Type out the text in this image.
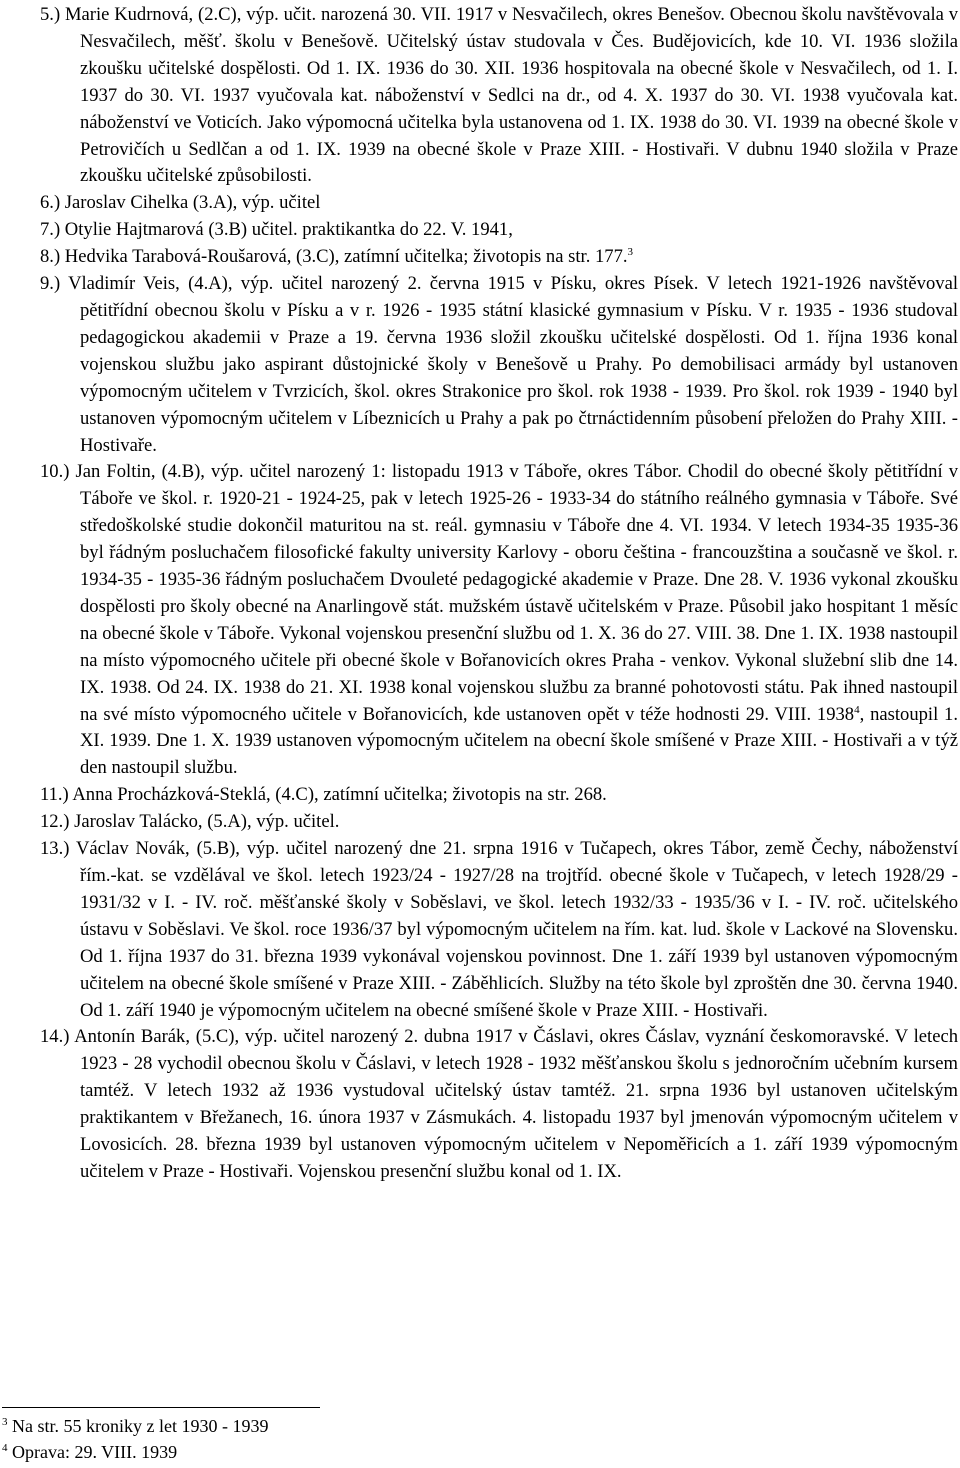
5.) Marie Kudrnová, (2.C), výp. učit. narozená 30. VII. 1917 v Nesvačilech, okres Benešov. Obecnou školu navštěvovala v Nesvačilech, měšť. školu v Benešově. Učitelský ústav studovala v Čes. Budějovicích, kde 10. VI. 1936 složila zkoušku učitelské dospělosti. Od 1. IX. 1936 do 30. XII. 1936 hospitovala na obecné škole v Nesvačilech, od 1. I. 1937 do 30. VI. 1937 vyučovala kat. náboženství v Sedlci na dr., od 4. X. 1937 do 30. VI. 1938 vyučovala kat. náboženství ve Voticích. Jako výpomocná učitelka byla ustanovena od 1. IX. 1938 do 30. VI. 1939 na obecné škole v Petrovičích u Sedlčan a od 1. IX. 1939 na obecné škole v Praze XIII. - Hostivaři. V dubnu 1940 složila v Praze zkoušku učitelské způsobilosti.
6.) Jaroslav Cihelka (3.A), výp. učitel
7.) Otylie Hajtmarová (3.B) učitel. praktikantka do 22. V. 1941,
8.) Hedvika Tarabová-Roušarová, (3.C), zatímní učitelka; životopis na str. 177.$^3$
9.) Vladimír Veis, (4.A), výp. učitel narozený 2. června 1915 v Písku, okres Písek. V letech 1921-1926 navštěvoval pětitřídní obecnou školu v Písku a v r. 1926 - 1935 státní klasické gymnasium v Písku. V r. 1935 - 1936 studoval pedagogickou akademii v Praze a 19. června 1936 složil zkoušku učitelské dospělosti. Od 1. října 1936 konal vojenskou službu jako aspirant důstojnické školy v Benešově u Prahy. Po demobilisaci armády byl ustanoven výpomocným učitelem v Tvrzicích, škol. okres Strakonice pro škol. rok 1938 - 1939. Pro škol. rok 1939 - 1940 byl ustanoven výpomocným učitelem v Líbeznicích u Prahy a pak po čtrnáctidenním působení přeložen do Prahy XIII. - Hostivaře.
10.) Jan Foltin, (4.B), výp. učitel narozený 1: listopadu 1913 v Táboře, okres Tábor. Chodil do obecné školy pětitřídní v Táboře ve škol. r. 1920-21 - 1924-25, pak v letech 1925-26 - 1933-34 do státního reálného gymnasia v Táboře. Své středoškolské studie dokončil maturitou na st. reál. gymnasiu v Táboře dne 4. VI. 1934. V letech 1934-35 1935-36 byl řádným posluchačem filosofické fakulty university Karlovy - oboru čeština - francouzština a současně ve škol. r. 1934-35 - 1935-36 řádným posluchačem Dvouleté pedagogické akademie v Praze. Dne 28. V. 1936 vykonal zkoušku dospělosti pro školy obecné na Anarlingově stát. mužském ústavě učitelském v Praze. Působil jako hospitant 1 měsíc na obecné škole v Táboře. Vykonal vojenskou presenční službu od 1. X. 36 do 27. VIII. 38. Dne 1. IX. 1938 nastoupil na místo výpomocného učitele při obecné škole v Bořanovicích okres Praha - venkov. Vykonal služební slib dne 14. IX. 1938. Od 24. IX. 1938 do 21. XI. 1938 konal vojenskou službu za branné pohotovosti státu. Pak ihned nastoupil na své místo výpomocného učitele v Bořanovicích, kde ustanoven opět v téže hodnosti 29. VIII. 1938$^4$, nastoupil 1. XI. 1939. Dne 1. X. 1939 ustanoven výpomocným učitelem na obecní škole smíšené v Praze XIII. - Hostivaři a v týž den nastoupil službu.
11.) Anna Procházková-Steklá, (4.C), zatímní učitelka; životopis na str. 268.
12.) Jaroslav Talácko, (5.A), výp. učitel.
13.) Václav Novák, (5.B), výp. učitel narozený dne 21. srpna 1916 v Tučapech, okres Tábor, země Čechy, náboženství řím.-kat. se vzdělával ve škol. letech 1923/24 - 1927/28 na trojtříd. obecné škole v Tučapech, v letech 1928/29 - 1931/32 v I. - IV. roč. měšťanské školy v Soběslavi, ve škol. letech 1932/33 - 1935/36 v I. - IV. roč. učitelského ústavu v Soběslavi. Ve škol. roce 1936/37 byl výpomocným učitelem na řím. kat. lud. škole v Lackové na Slovensku. Od 1. října 1937 do 31. března 1939 vykonával vojenskou povinnost. Dne 1. září 1939 byl ustanoven výpomocným učitelem na obecné škole smíšené v Praze XIII. - Záběhlicích. Služby na této škole byl zproštěn dne 30. června 1940. Od 1. září 1940 je výpomocným učitelem na obecné smíšené škole v Praze XIII. - Hostivaři.
14.) Antonín Barák, (5.C), výp. učitel narozený 2. dubna 1917 v Čáslavi, okres Čáslav, vyznání českomoravské. V letech 1923 - 28 vychodil obecnou školu v Čáslavi, v letech 1928 - 1932 měšťanskou školu s jednoročním učebním kursem tamtéž. V letech 1932 až 1936 vystudoval učitelský ústav tamtéž. 21. srpna 1936 byl ustanoven učitelským praktikantem v Břežanech, 16. února 1937 v Zásmukách. 4. listopadu 1937 byl jmenován výpomocným učitelem v Lovosicích. 28. března 1939 byl ustanoven výpomocným učitelem v Nepoměřicích a 1. září 1939 výpomocným učitelem v Praze - Hostivaři. Vojenskou presenční službu konal od 1. IX.
$^3$ Na str. 55 kroniky z let 1930 - 1939
$^4$ Oprava: 29. VIII. 1939
